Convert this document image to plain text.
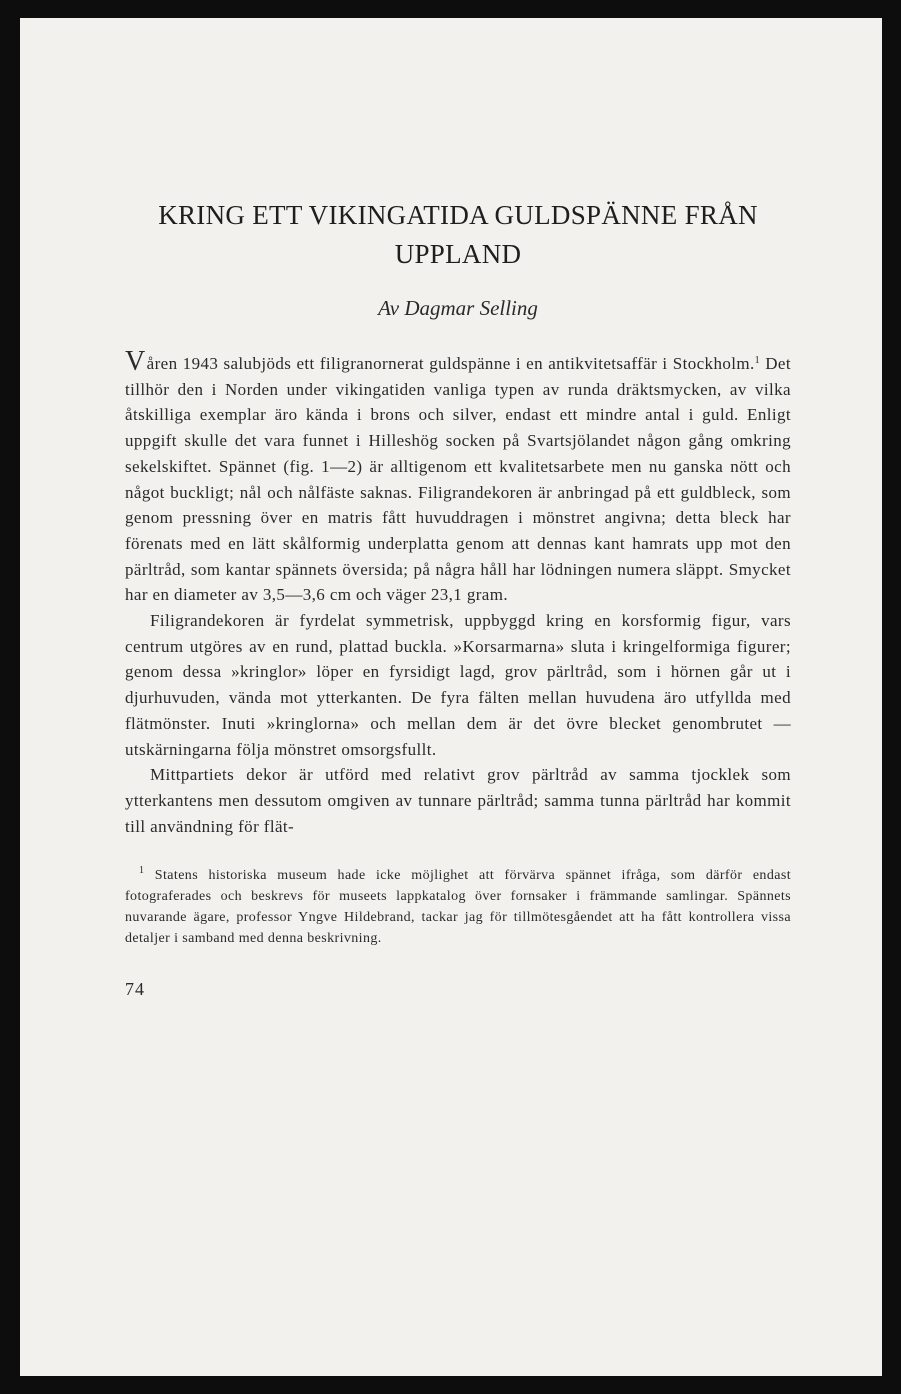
KRING ETT VIKINGATIDA GULDSPÄNNE FRÅN
UPPLAND
Av Dagmar Selling

Våren 1943 salubjöds ett filigranornerat guldspänne i en antikvitetsaffär i Stockholm.$^1$ Det tillhör den i Norden under vikingatiden vanliga typen av runda dräktsmycken, av vilka åtskilliga exemplar äro kända i brons och silver, endast ett mindre antal i guld. Enligt uppgift skulle det vara funnet i Hilleshög socken på Svartsjölandet någon gång omkring sekelskiftet. Spännet (fig. 1—2) är alltigenom ett kvalitetsarbete men nu ganska nött och något buckligt; nål och nålfäste saknas. Filigrandekoren är anbringad på ett guldbleck, som genom pressning över en matris fått huvuddragen i mönstret angivna; detta bleck har förenats med en lätt skålformig underplatta genom att dennas kant hamrats upp mot den pärltråd, som kantar spännets översida; på några håll har lödningen numera släppt. Smycket har en diameter av 3,5—3,6 cm och väger 23,1 gram.

Filigrandekoren är fyrdelat symmetrisk, uppbyggd kring en korsformig figur, vars centrum utgöres av en rund, plattad buckla. »Korsarmarna» sluta i kringelformiga figurer; genom dessa »kringlor» löper en fyrsidigt lagd, grov pärltråd, som i hörnen går ut i djurhuvuden, vända mot ytterkanten. De fyra fälten mellan huvudena äro utfyllda med flätmönster. Inuti »kringlorna» och mellan dem är det övre blecket genombrutet — utskärningarna följa mönstret omsorgsfullt.

Mittpartiets dekor är utförd med relativt grov pärltråd av samma tjocklek som ytterkantens men dessutom omgiven av tunnare pärltråd; samma tunna pärltråd har kommit till användning för flät-

$^1$ Statens historiska museum hade icke möjlighet att förvärva spännet ifråga, som därför endast fotograferades och beskrevs för museets lappkatalog över fornsaker i främmande samlingar. Spännets nuvarande ägare, professor Yngve Hildebrand, tackar jag för tillmötesgåendet att ha fått kontrollera vissa detaljer i samband med denna beskrivning.

74
